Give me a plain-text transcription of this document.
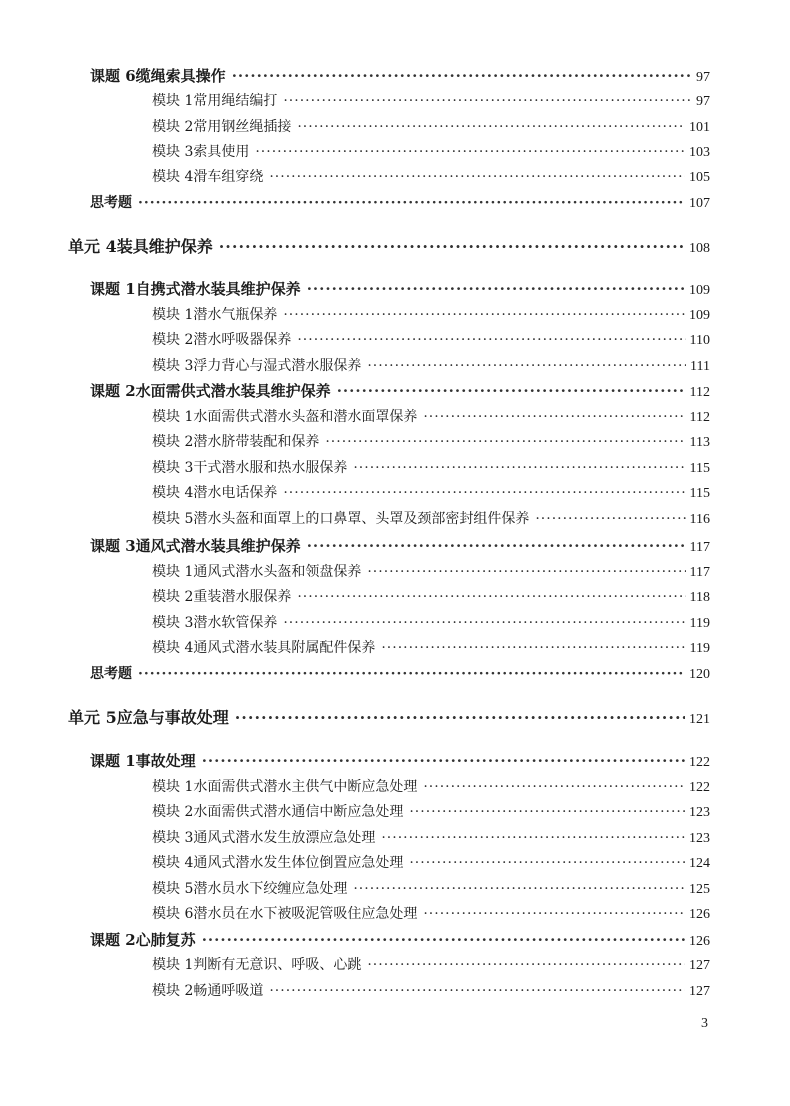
课题 6 缆绳索具操作 ·····	97
模块 1 常用绳结编打 ·····	97
模块 2 常用钢丝绳插接 ·····	101
模块 3 索具使用 ·····	103
模块 4 滑车组穿绕 ·····	105
思考题 ·····	107
单元 4 装具维护保养 ·····	108
课题 1 自携式潜水装具维护保养 ·····	109
模块 1 潜水气瓶保养 ·····	109
模块 2 潜水呼吸器保养 ·····	110
模块 3 浮力背心与湿式潜水服保养 ·····	111
课题 2 水面需供式潜水装具维护保养 ·····	112
模块 1 水面需供式潜水头盔和潜水面罩保养 ·····	112
模块 2 潜水脐带装配和保养 ·····	113
模块 3 干式潜水服和热水服保养 ·····	115
模块 4 潜水电话保养 ·····	115
模块 5 潜水头盔和面罩上的口鼻罩、头罩及颈部密封组件保养 ·····	116
课题 3 通风式潜水装具维护保养 ·····	117
模块 1 通风式潜水头盔和领盘保养 ·····	117
模块 2 重装潜水服保养 ·····	118
模块 3 潜水软管保养 ·····	119
模块 4 通风式潜水装具附属配件保养 ·····	119
思考题 ·····	120
单元 5 应急与事故处理 ·····	121
课题 1 事故处理 ·····	122
模块 1 水面需供式潜水主供气中断应急处理 ·····	122
模块 2 水面需供式潜水通信中断应急处理 ·····	123
模块 3 通风式潜水发生放漂应急处理 ·····	123
模块 4 通风式潜水发生体位倒置应急处理 ·····	124
模块 5 潜水员水下绞缠应急处理 ·····	125
模块 6 潜水员在水下被吸泥管吸住应急处理 ·····	126
课题 2 心肺复苏 ·····	126
模块 1 判断有无意识、呼吸、心跳 ·····	127
模块 2 畅通呼吸道 ·····	127
3
